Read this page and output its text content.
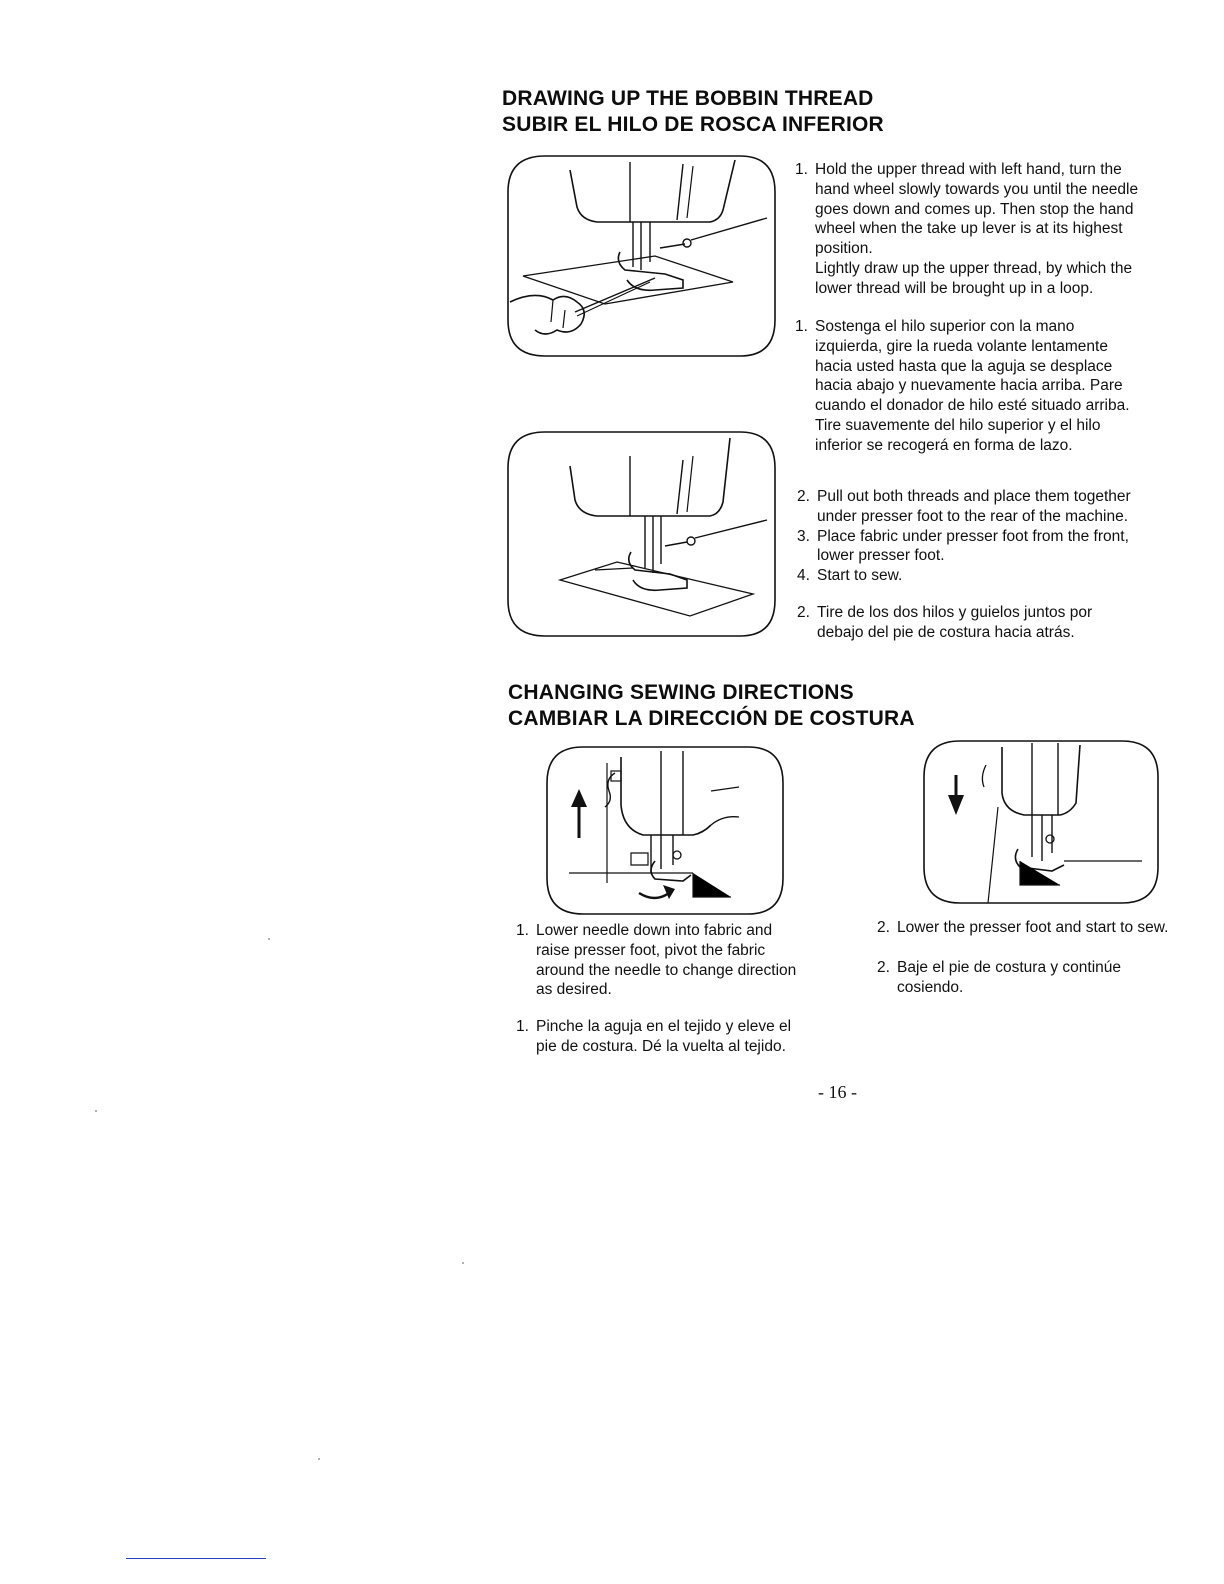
DRAWING UP THE BOBBIN THREAD
SUBIR EL HILO DE ROSCA INFERIOR
1. Hold the upper thread with left hand, turn the
hand wheel slowly towards you until the needle
goes down and comes up. Then stop the hand
wheel when the take up lever is at its highest
position.
Lightly draw up the upper thread, by which the
lower thread will be brought up in a loop.
1. Sostenga el hilo superior con la mano
izquierda, gire la rueda volante lentamente
hacia usted hasta que la aguja se desplace
hacia abajo y nuevamente hacia arriba. Pare
cuando el donador de hilo esté situado arriba.
Tire suavemente del hilo superior y el hilo
inferior se recogerá en forma de lazo.
2. Pull out both threads and place them together
under presser foot to the rear of the machine.
3. Place fabric under presser foot from the front,
lower presser foot.
4. Start to sew.
2. Tire de los dos hilos y guielos juntos por
debajo del pie de costura hacia atrás.
CHANGING SEWING DIRECTIONS
CAMBIAR LA DIRECCIÓN DE COSTURA
1. Lower needle down into fabric and
raise presser foot, pivot the fabric
around the needle to change direction
as desired.
1. Pinche la aguja en el tejido y eleve el
pie de costura. Dé la vuelta al tejido.
2. Lower the presser foot and start to sew.
2. Baje el pie de costura y continúe
cosiendo.
- 16 -
